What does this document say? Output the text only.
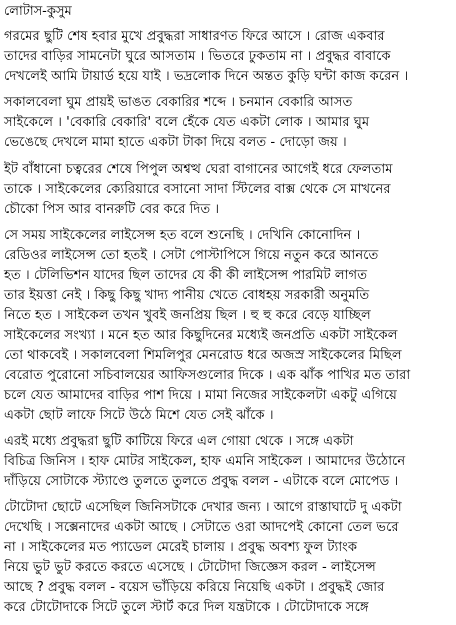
লোটাস-কুসুম
গরমের ছুটি শেষ হবার মুখে প্রবুদ্ধরা সাধারণত ফিরে আসে । রোজ একবার
তাদের বাড়ির সামনেটা ঘুরে আসতাম । ভিতরে ঢুকতাম না । প্রবুদ্ধর বাবাকে
দেখলেই আমি টায়ার্ড হয়ে যাই । ভদ্রলোক দিনে অন্তত কুড়ি ঘন্টা কাজ করেন ।
সকালবেলা ঘুম প্রায়ই ভাঙত বেকারির শব্দে । চনমান বেকারি আসত
সাইকেলে । 'বেকারি বেকারি' বলে হেঁকে যেত একটা লোক । আমার ঘুম
ভেঙেছে দেখলে মামা হাতে একটা টাকা দিয়ে বলত - দোড়ো জয় ।
ইট বাঁধানো চত্বরের শেষে পিপুল অশ্বত্থ ঘেরা বাগানের আগেই ধরে ফেলতাম
তাকে । সাইকেলের ক্যেরিয়ারে বসানো সাদা স্টিলের বাক্স থেকে সে মাখনের
চৌকো পিস আর বানরুটি বের করে দিত ।
সে সময় সাইকেলের লাইসেন্স হত বলে শুনেছি । দেখিনি কোনোদিন ।
রেডিওর লাইসেন্স তো হতই । সেটা পোস্টাপিসে গিয়ে নতুন করে আনতে
হত । টেলিভিশন যাদের ছিল তাদের যে কী কী লাইসেন্স পারমিট লাগত
তার ইয়ত্তা নেই । কিছু কিছু খাদ্য পানীয় খেতে বোধহয় সরকারী অনুমতি
নিতে হত । সাইকেল তখন খুবই জনপ্রিয় ছিল । হু হু করে বেড়ে যাচ্ছিল
সাইকেলের সংখ্যা । মনে হত আর কিছুদিনের মধ্যেই জনপ্রতি একটা সাইকেল
তো থাকবেই । সকালবেলা শিমলিপুর মেনরোড ধরে অজস্র সাইকেলের মিছিল
বেরোত পুরোনো সচিবালয়ের আফিসগুলোর দিকে । এক ঝাঁক পাখির মত তারা
চলে যেত আমাদের বাড়ির পাশ দিয়ে । মামা নিজের সাইকেলটা একটু এগিয়ে
একটা ছোট লাফে সিটে উঠে মিশে যেত সেই ঝাঁকে ।
এরই মধ্যে প্রবুদ্ধরা ছুটি কাটিয়ে ফিরে এল গোয়া থেকে । সঙ্গে একটা
বিচিত্র জিনিস । হাফ মোটর সাইকেল, হাফ এমনি সাইকেল । আমাদের উঠোনে
দাঁড়িয়ে সোটাকে স্ট্যাণ্ডে তুলতে তুলতে প্রবুদ্ধ বলল - এটাকে বলে মোপেড ।
টোটোদা ছোটে এসেছিল জিনিসটাকে দেখার জন্য । আগে রাস্তাঘাটে দু একটা
দেখেছি । সক্সেনাদের একটা আছে । সেটাতে ওরা আদপেই কোনো তেল ভরে
না । সাইকেলের মত প্যাডেল মেরেই চালায় । প্রবুদ্ধ অবশ্য ফুল ট্যাংক
নিয়ে ভুট ভুট করতে করতে এসেছে । টোটোদা জিজ্ঞেস করল - লাইসেন্স
আছে ? প্রবুদ্ধ বলল - বয়েস ভাঁড়িয়ে করিয়ে নিয়েছি একটা । প্রবুদ্ধই জোর
করে টোটোদাকে সিটে তুলে স্টার্ট করে দিল যন্ত্রটাকে । টোটোদাকে সঙ্গে
